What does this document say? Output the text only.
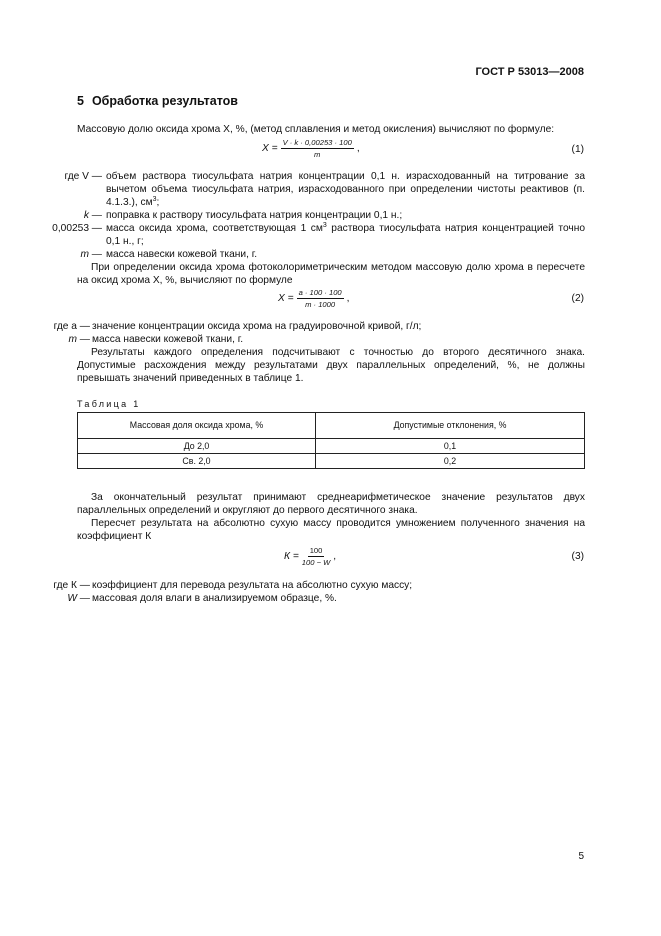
ГОСТ Р 53013—2008
5 Обработка результатов
Массовую долю оксида хрома X, %, (метод сплавления и метод окисления) вычисляют по формуле:
$X = \frac{V \cdot k \cdot 0,00253 \cdot 100}{m}$ ,	(1)
где V — объем раствора тиосульфата натрия концентрации 0,1 н. израсходованный на титрование за вычетом объема тиосульфата натрия, израсходованного при определении чистоты реактивов (п. 4.1.3.), $см^3$;
k — поправка к раствору тиосульфата натрия концентрации 0,1 н.;
0,00253 — масса оксида хрома, соответствующая 1 $см^3$ раствора тиосульфата натрия концентрацией точно 0,1 н., г;
m — масса навески кожевой ткани, г.
При определении оксида хрома фотоколориметрическим методом массовую долю хрома в пересчете на оксид хрома X, %, вычисляют по формуле
$X = \frac{a \cdot 100 \cdot 100}{m \cdot 1000}$ ,	(2)
где a — значение концентрации оксида хрома на градуировочной кривой, г/л;
m — масса навески кожевой ткани, г.
Результаты каждого определения подсчитывают с точностью до второго десятичного знака. Допустимые расхождения между результатами двух параллельных определений, %, не должны превышать значений приведенных в таблице 1.
Таблица 1
Массовая доля оксида хрома, %	Допустимые отклонения, %
До 2,0	0,1
Св. 2,0	0,2
За окончательный результат принимают среднеарифметическое значение результатов двух параллельных определений и округляют до первого десятичного знака.
Пересчет результата на абсолютно сухую массу проводится умножением полученного значения на коэффициент К
$К = \frac{100}{100 - W}$ ,	(3)
где К — коэффициент для перевода результата на абсолютно сухую массу;
W — массовая доля влаги в анализируемом образце, %.
5
